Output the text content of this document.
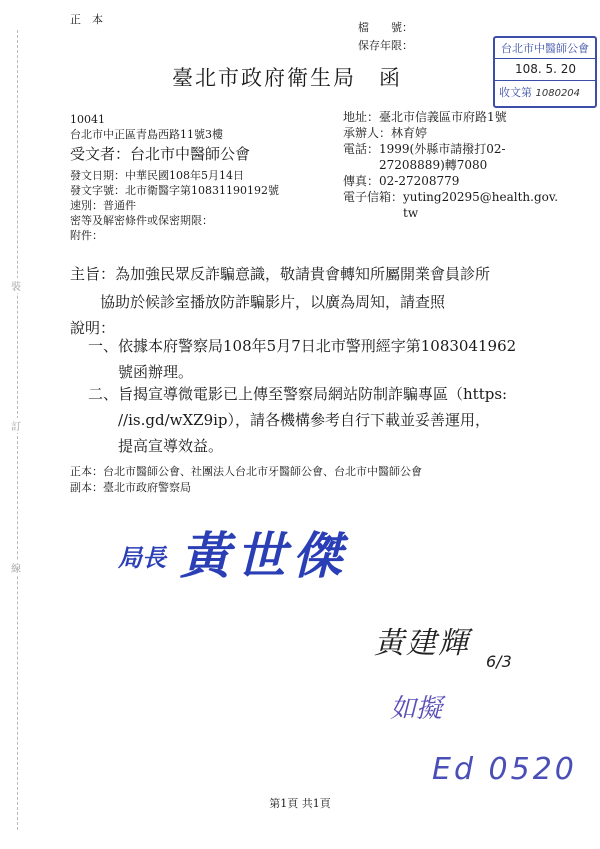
裝
訂
線
正　本
檔　　號：
保存年限：	台北市中醫師公會
108. 5. 20
收文第 1080204
臺北市政府衛生局　函
10041
台北市中正區青島西路11號3樓
受文者：台北市中醫師公會
地址：臺北市信義區市府路1號
承辦人：林育婷
電話：1999(外縣市請撥打02-
27208889)轉7080
傳真：02-27208779
電子信箱：yuting20295@health.gov.
tw
發文日期：中華民國108年5月14日
發文字號：北市衛醫字第10831190192號
速別：普通件
密等及解密條件或保密期限：
附件：
主旨：為加強民眾反詐騙意識，敬請貴會轉知所屬開業會員診所
協助於候診室播放防詐騙影片，以廣為周知，請查照
說明：
一、依據本府警察局108年5月7日北市警刑經字第1083041962
號函辦理。
二、旨揭宣導微電影已上傳至警察局網站防制詐騙專區（https:
//is.gd/wXZ9ip），請各機構參考自行下載並妥善運用，
提高宣導效益。
正本：台北市醫師公會、社團法人台北市牙醫師公會、台北市中醫師公會
副本：臺北市政府警察局
局長 黃世傑
黃建輝
6/3
如擬
Ed 0520
第1頁 共1頁
